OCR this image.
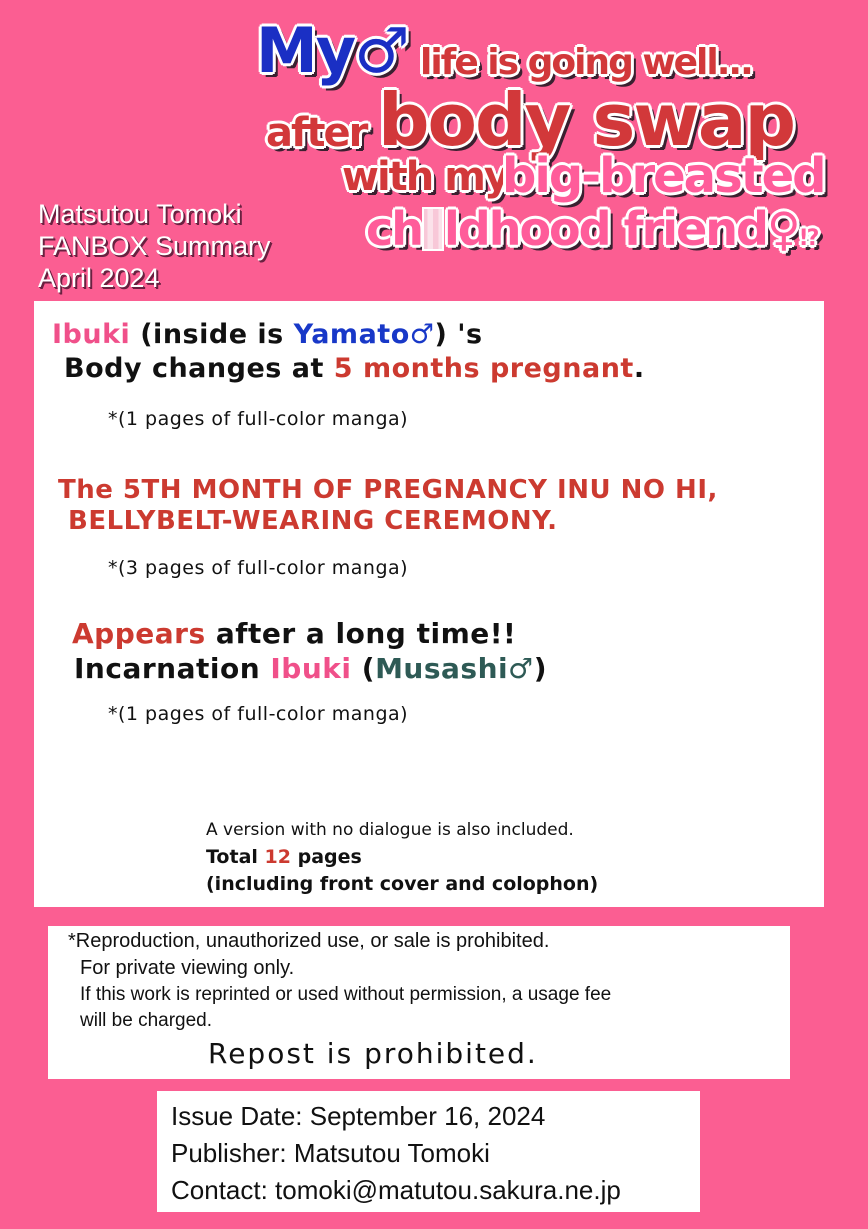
My♂ life is going well...
after body swap
with my
big-breasted
ch ldhood friend♀!?
Matsutou Tomoki
FANBOX Summary
April 2024
Ibuki (inside is Yamato♂) 's
Body changes at 5 months pregnant.
*(1 pages of full-color manga)
The 5TH MONTH OF PREGNANCY INU NO HI,
BELLYBELT-WEARING CEREMONY.
*(3 pages of full-color manga)
Appears after a long time!!
Incarnation Ibuki (Musashi♂)
*(1 pages of full-color manga)
A version with no dialogue is also included.
Total 12 pages
(including front cover and colophon)
*Reproduction, unauthorized use, or sale is prohibited.
For private viewing only.
If this work is reprinted or used without permission, a usage fee
will be charged.
Repost is prohibited.
Issue Date: September 16, 2024
Publisher: Matsutou Tomoki
Contact: tomoki@matutou.sakura.ne.jp
